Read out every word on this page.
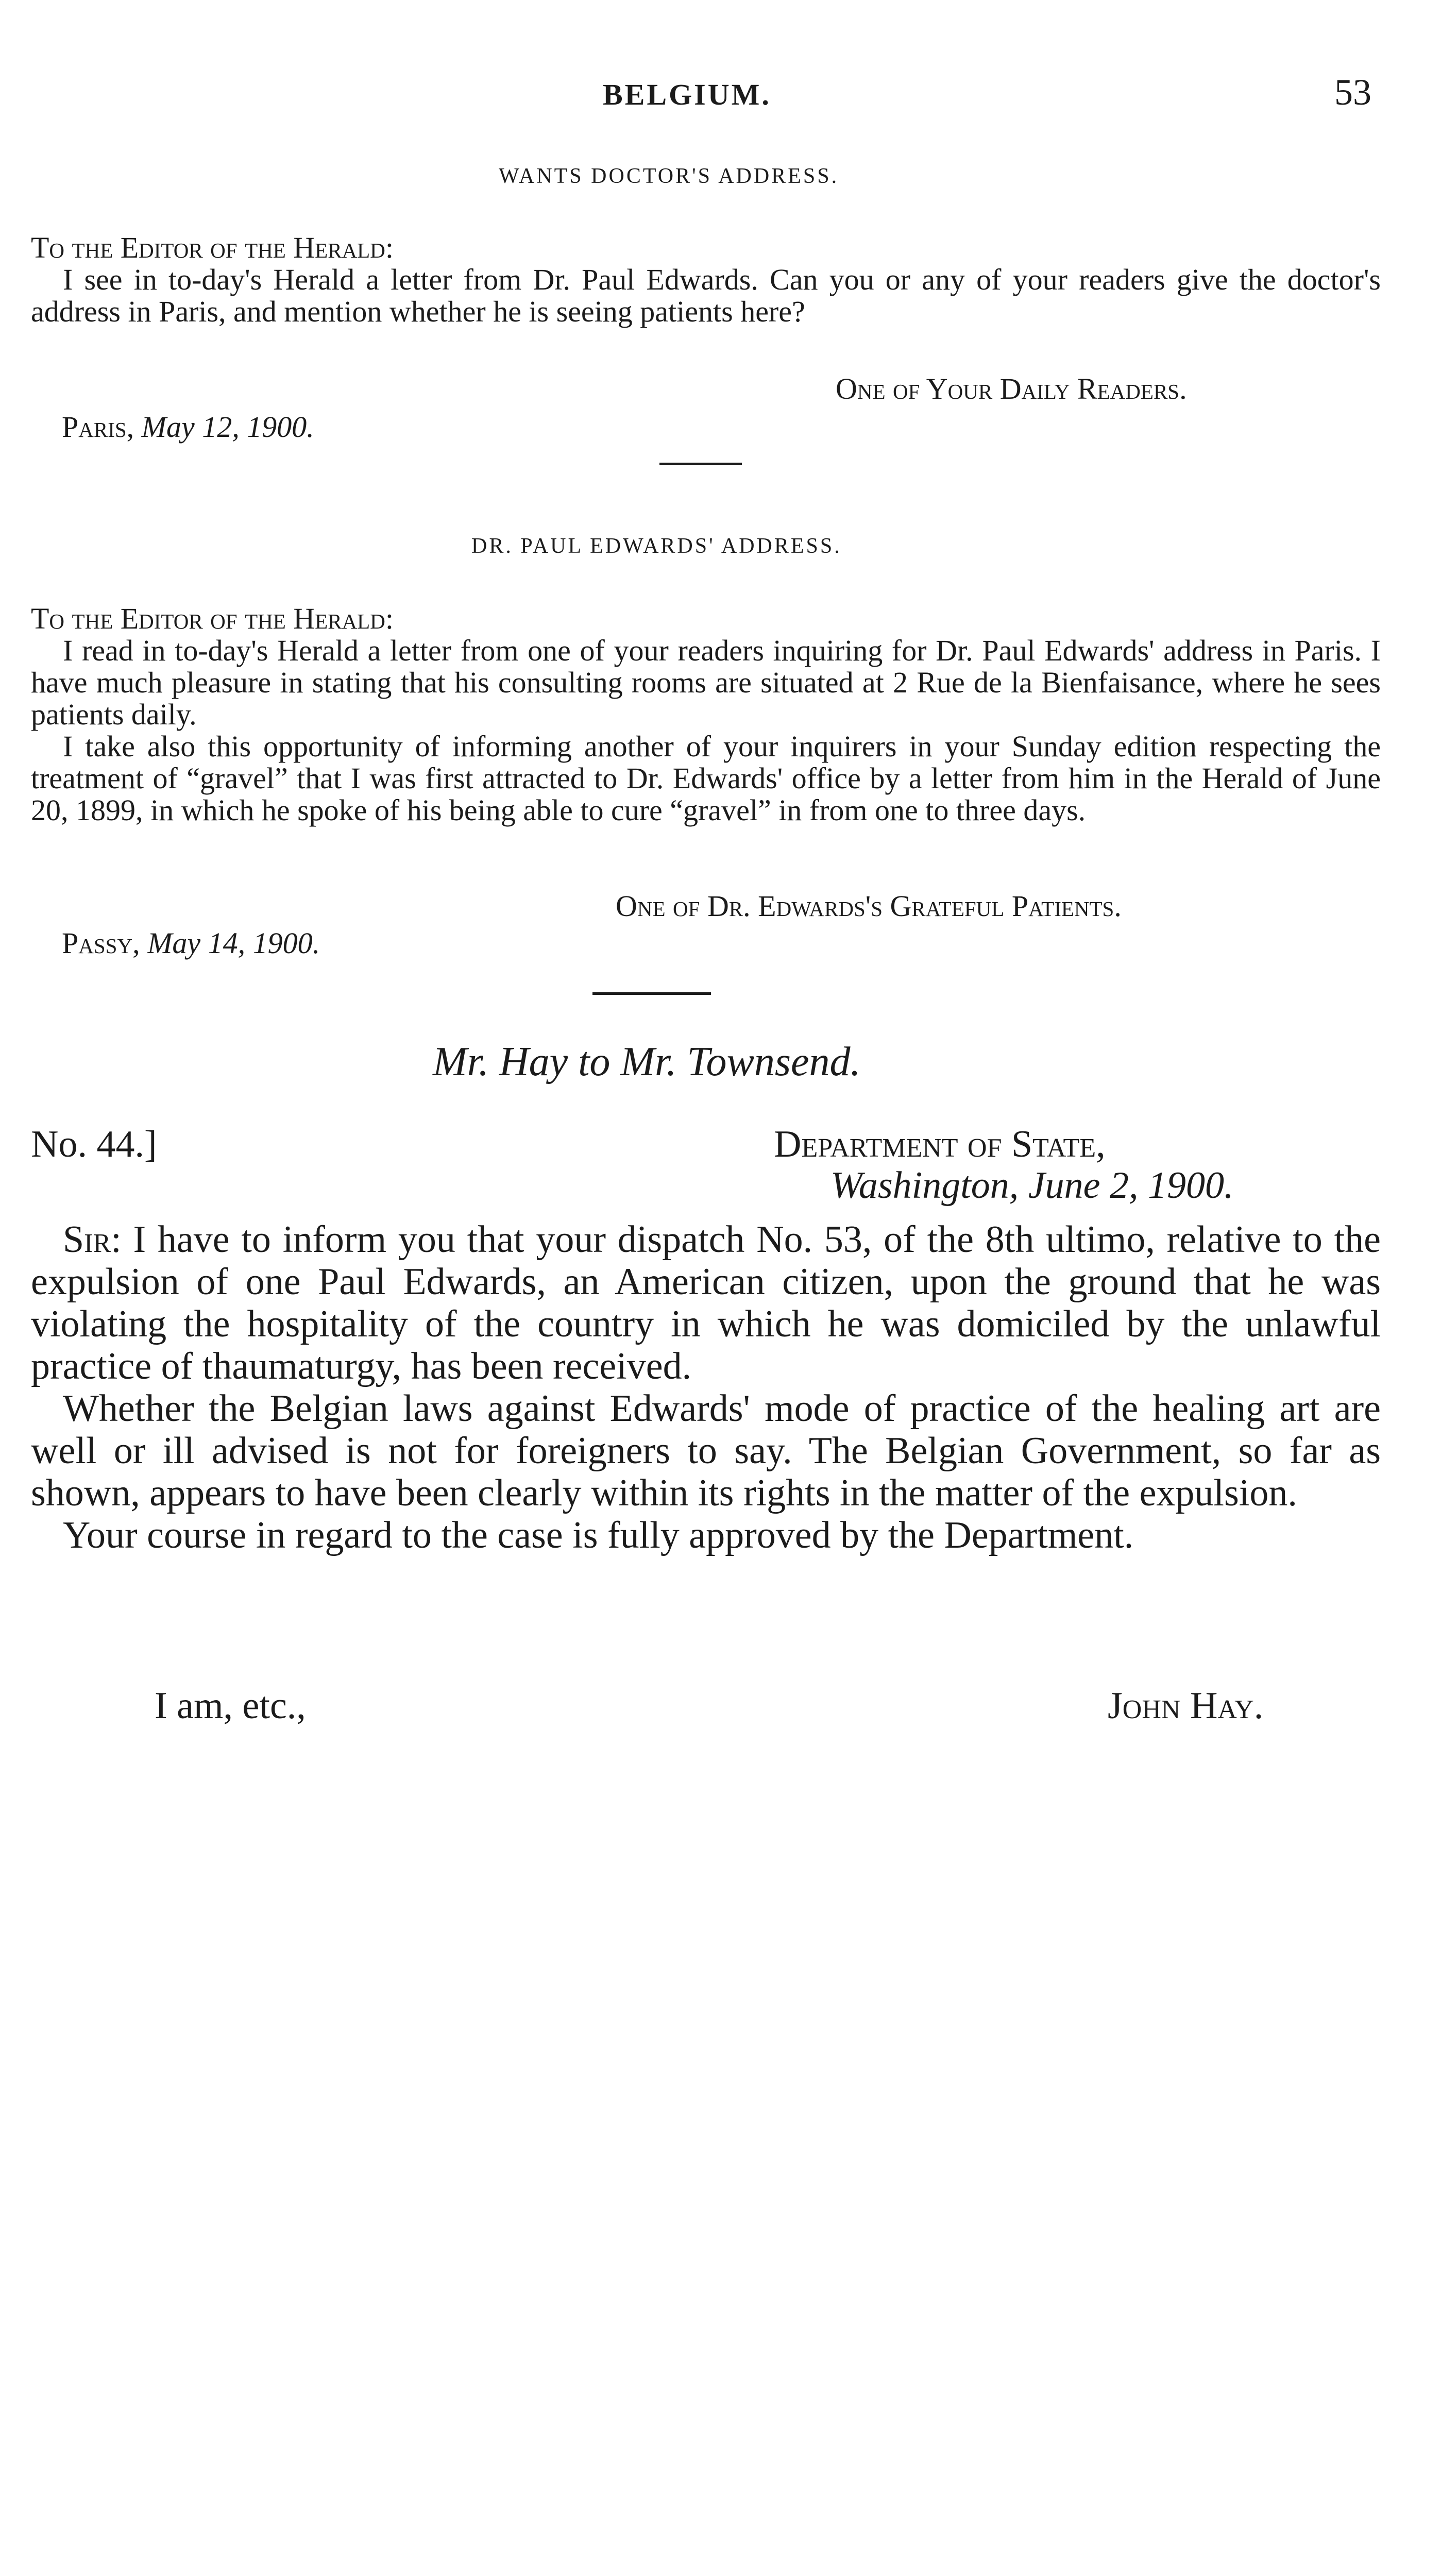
BELGIUM.	53
WANTS DOCTOR'S ADDRESS.

To the Editor of the Herald:

I see in to-day's Herald a letter from Dr. Paul Edwards. Can you or any of your readers give the doctor's address in Paris, and mention whether he is seeing patients here?

One of Your Daily Readers.
Paris, May 12, 1900.
DR. PAUL EDWARDS' ADDRESS.

To the Editor of the Herald:

I read in to-day's Herald a letter from one of your readers inquiring for Dr. Paul Edwards' address in Paris. I have much pleasure in stating that his consulting rooms are situated at 2 Rue de la Bienfaisance, where he sees patients daily.

I take also this opportunity of informing another of your inquirers in your Sunday edition respecting the treatment of “gravel” that I was first attracted to Dr. Edwards' office by a letter from him in the Herald of June 20, 1899, in which he spoke of his being able to cure “gravel” in from one to three days.

One of Dr. Edwards's Grateful Patients.
Passy, May 14, 1900.
Mr. Hay to Mr. Townsend.
No. 44.]	Department of State,
Washington, June 2, 1900.

Sir: I have to inform you that your dispatch No. 53, of the 8th ultimo, relative to the expulsion of one Paul Edwards, an American citizen, upon the ground that he was violating the hospitality of the country in which he was domiciled by the unlawful practice of thaumaturgy, has been received.

Whether the Belgian laws against Edwards' mode of practice of the healing art are well or ill advised is not for foreigners to say. The Belgian Government, so far as shown, appears to have been clearly within its rights in the matter of the expulsion.

Your course in regard to the case is fully approved by the Department.

I am, etc.,	John Hay.
